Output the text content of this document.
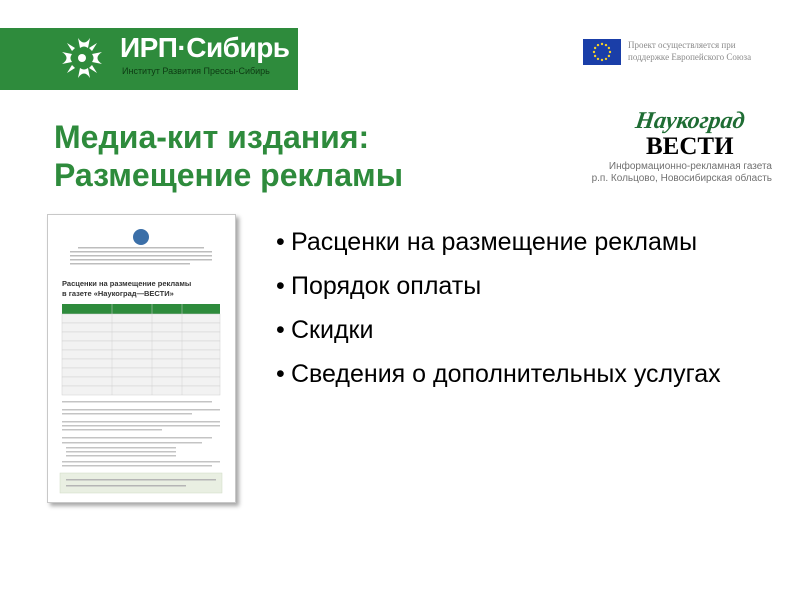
ИРП·Сибирь
Институт Развития Прессы-Сибирь
Проект осуществляется при
поддержке Европейского Союза
Наукоград
ВЕСТИ
Информационно-рекламная газета
р.п. Кольцово, Новосибирская область
Медиа-кит издания:
Размещение рекламы
Расценки на размещение рекламы
в газете «Наукоград—ВЕСТИ»
• Расценки на размещение рекламы
• Порядок оплаты
• Скидки
• Сведения о дополнительных услугах
